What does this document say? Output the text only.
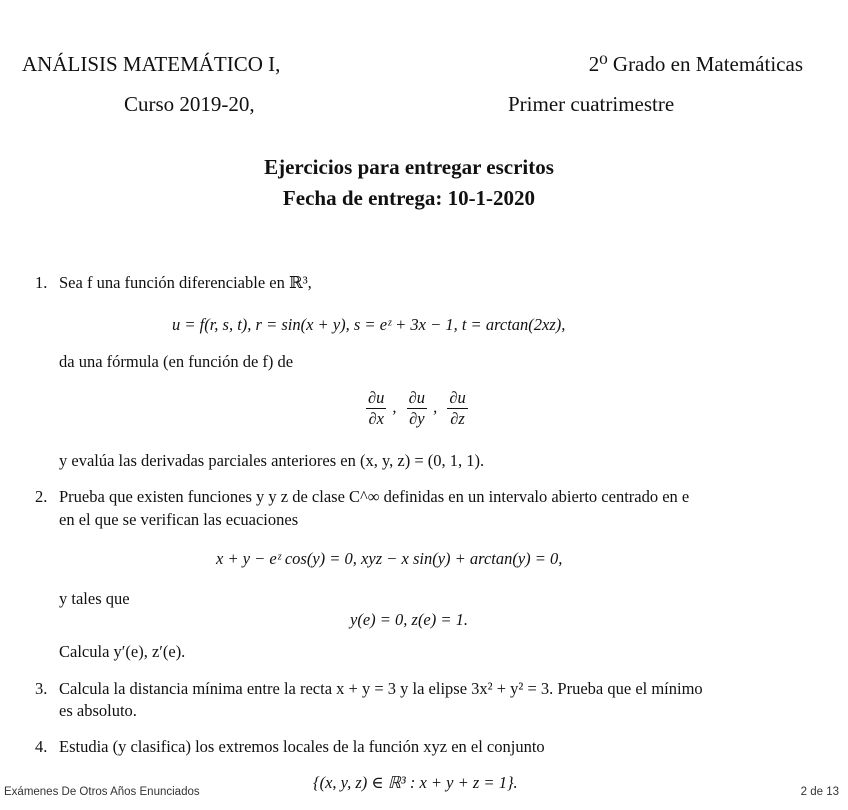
ANÁLISIS MATEMÁTICO I,	2⁰ Grado en Matemáticas
Curso 2019-20,	Primer cuatrimestre
Ejercicios para entregar escritos
Fecha de entrega: 10-1-2020
1. Sea f una función diferenciable en ℝ³,
u = f(r, s, t), r = sin(x + y), s = eᶻ + 3x − 1, t = arctan(2xz),
da una fórmula (en función de f) de
$\frac{\partial u}{\partial x}$ , $\frac{\partial u}{\partial y}$ , $\frac{\partial u}{\partial z}$
y evalúa las derivadas parciales anteriores en (x, y, z) = (0, 1, 1).
2. Prueba que existen funciones y y z de clase C^∞ definidas en un intervalo abierto centrado en e
en el que se verifican las ecuaciones
x + y − eᶻ cos(y) = 0, xyz − x sin(y) + arctan(y) = 0,
y tales que
y(e) = 0, z(e) = 1.
Calcula y′(e), z′(e).
3. Calcula la distancia mínima entre la recta x + y = 3 y la elipse 3x² + y² = 3. Prueba que el mínimo
es absoluto.
4. Estudia (y clasifica) los extremos locales de la función xyz en el conjunto
{(x, y, z) ∈ ℝ³ : x + y + z = 1}.
Exámenes De Otros Años Enunciados	2 de 13
